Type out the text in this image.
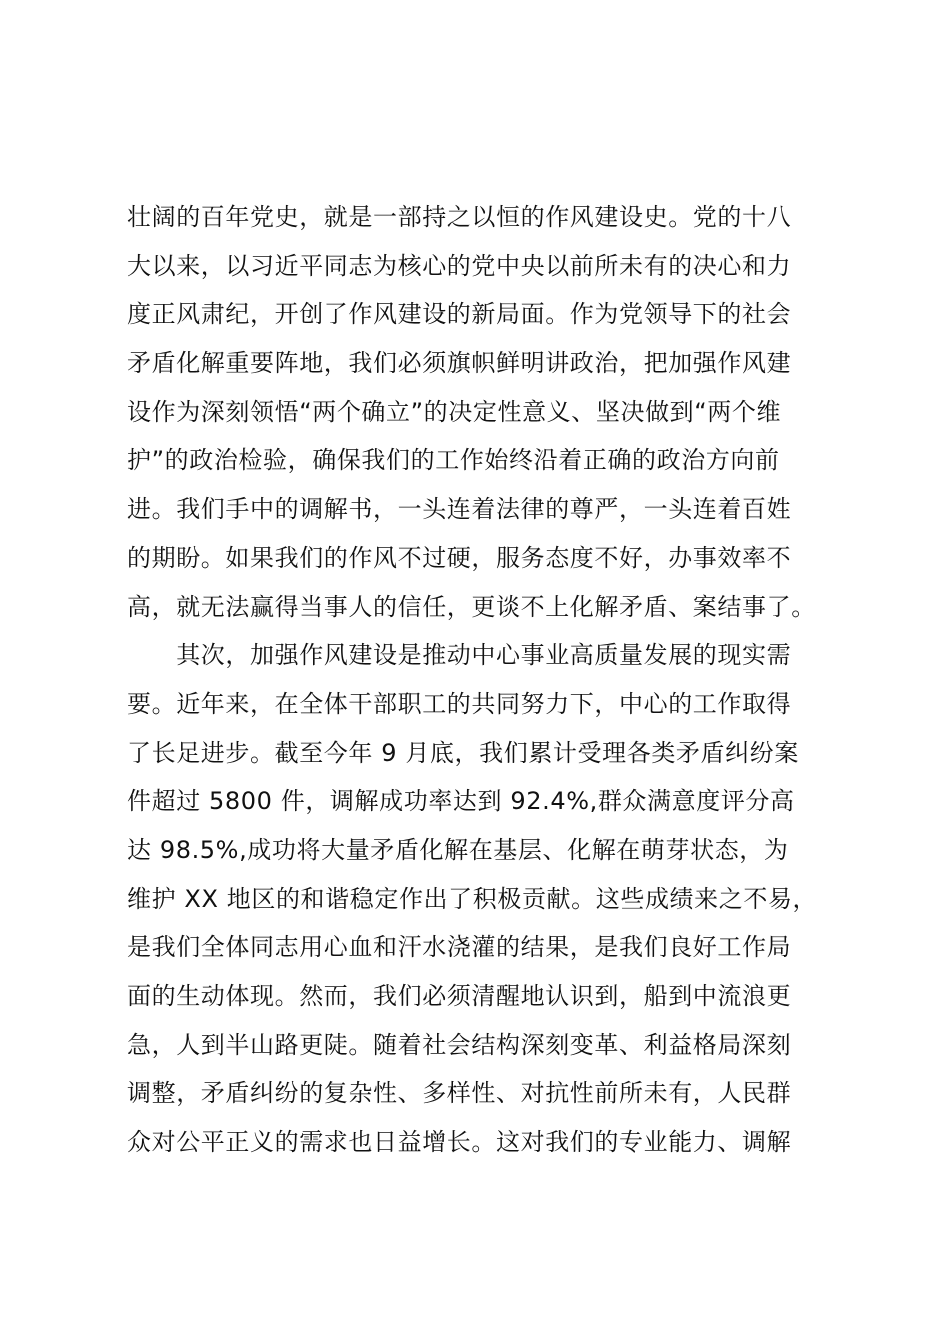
壮阔的百年党史，就是一部持之以恒的作风建设史。党的十八
大以来，以习近平同志为核心的党中央以前所未有的决心和力
度正风肃纪，开创了作风建设的新局面。作为党领导下的社会
矛盾化解重要阵地，我们必须旗帜鲜明讲政治，把加强作风建
设作为深刻领悟“两个确立”的决定性意义、坚决做到“两个维
护”的政治检验，确保我们的工作始终沿着正确的政治方向前
进。我们手中的调解书，一头连着法律的尊严，一头连着百姓
的期盼。如果我们的作风不过硬，服务态度不好，办事效率不
高，就无法赢得当事人的信任，更谈不上化解矛盾、案结事了。
　　其次，加强作风建设是推动中心事业高质量发展的现实需
要。近年来，在全体干部职工的共同努力下，中心的工作取得
了长足进步。截至今年 9 月底，我们累计受理各类矛盾纠纷案
件超过 5800 件，调解成功率达到 92.4%,群众满意度评分高
达 98.5%,成功将大量矛盾化解在基层、化解在萌芽状态，为
维护 XX 地区的和谐稳定作出了积极贡献。这些成绩来之不易，
是我们全体同志用心血和汗水浇灌的结果，是我们良好工作局
面的生动体现。然而，我们必须清醒地认识到，船到中流浪更
急，人到半山路更陡。随着社会结构深刻变革、利益格局深刻
调整，矛盾纠纷的复杂性、多样性、对抗性前所未有，人民群
众对公平正义的需求也日益增长。这对我们的专业能力、调解
